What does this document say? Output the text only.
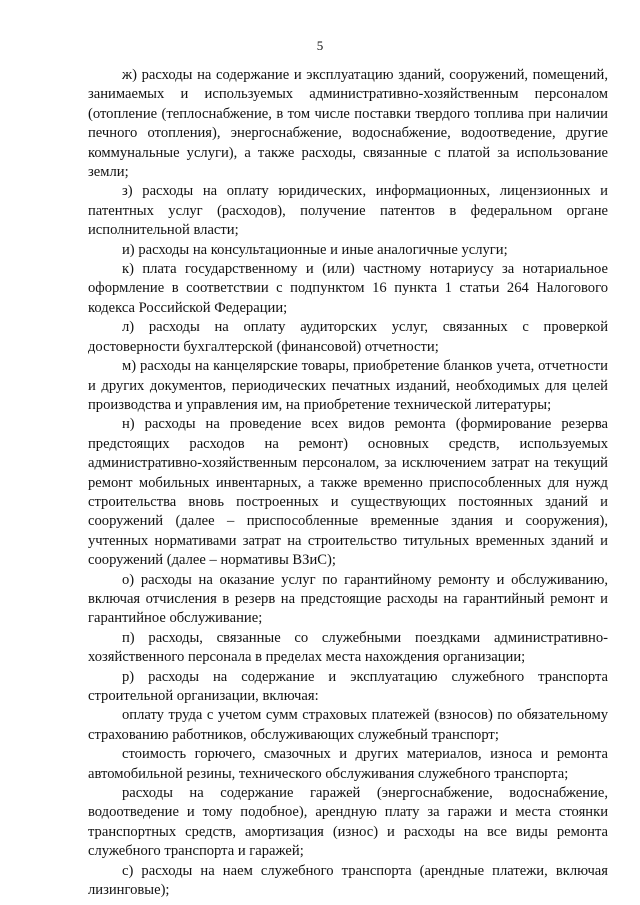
5

ж) расходы на содержание и эксплуатацию зданий, сооружений, помещений, занимаемых и используемых административно-хозяйственным персоналом (отопление (теплоснабжение, в том числе поставки твердого топлива при наличии печного отопления), энергоснабжение, водоснабжение, водоотведение, другие коммунальные услуги), а также расходы, связанные с платой за использование земли;

з) расходы на оплату юридических, информационных, лицензионных и патентных услуг (расходов), получение патентов в федеральном органе исполнительной власти;

и) расходы на консультационные и иные аналогичные услуги;

к) плата государственному и (или) частному нотариусу за нотариальное оформление в соответствии с подпунктом 16 пункта 1 статьи 264 Налогового кодекса Российской Федерации;

л) расходы на оплату аудиторских услуг, связанных с проверкой достоверности бухгалтерской (финансовой) отчетности;

м) расходы на канцелярские товары, приобретение бланков учета, отчетности и других документов, периодических печатных изданий, необходимых для целей производства и управления им, на приобретение технической литературы;

н) расходы на проведение всех видов ремонта (формирование резерва предстоящих расходов на ремонт) основных средств, используемых административно-хозяйственным персоналом, за исключением затрат на текущий ремонт мобильных инвентарных, а также временно приспособленных для нужд строительства вновь построенных и существующих постоянных зданий и сооружений (далее – приспособленные временные здания и сооружения), учтенных нормативами затрат на строительство титульных временных зданий и сооружений (далее – нормативы ВЗиС);

о) расходы на оказание услуг по гарантийному ремонту и обслуживанию, включая отчисления в резерв на предстоящие расходы на гарантийный ремонт и гарантийное обслуживание;

п) расходы, связанные со служебными поездками административно-хозяйственного персонала в пределах места нахождения организации;

р) расходы на содержание и эксплуатацию служебного транспорта строительной организации, включая:

оплату труда с учетом сумм страховых платежей (взносов) по обязательному страхованию работников, обслуживающих служебный транспорт;

стоимость горючего, смазочных и других материалов, износа и ремонта автомобильной резины, технического обслуживания служебного транспорта;

расходы на содержание гаражей (энергоснабжение, водоснабжение, водоотведение и тому подобное), арендную плату за гаражи и места стоянки транспортных средств, амортизация (износ) и расходы на все виды ремонта служебного транспорта и гаражей;

с) расходы на наем служебного транспорта (арендные платежи, включая лизинговые);
